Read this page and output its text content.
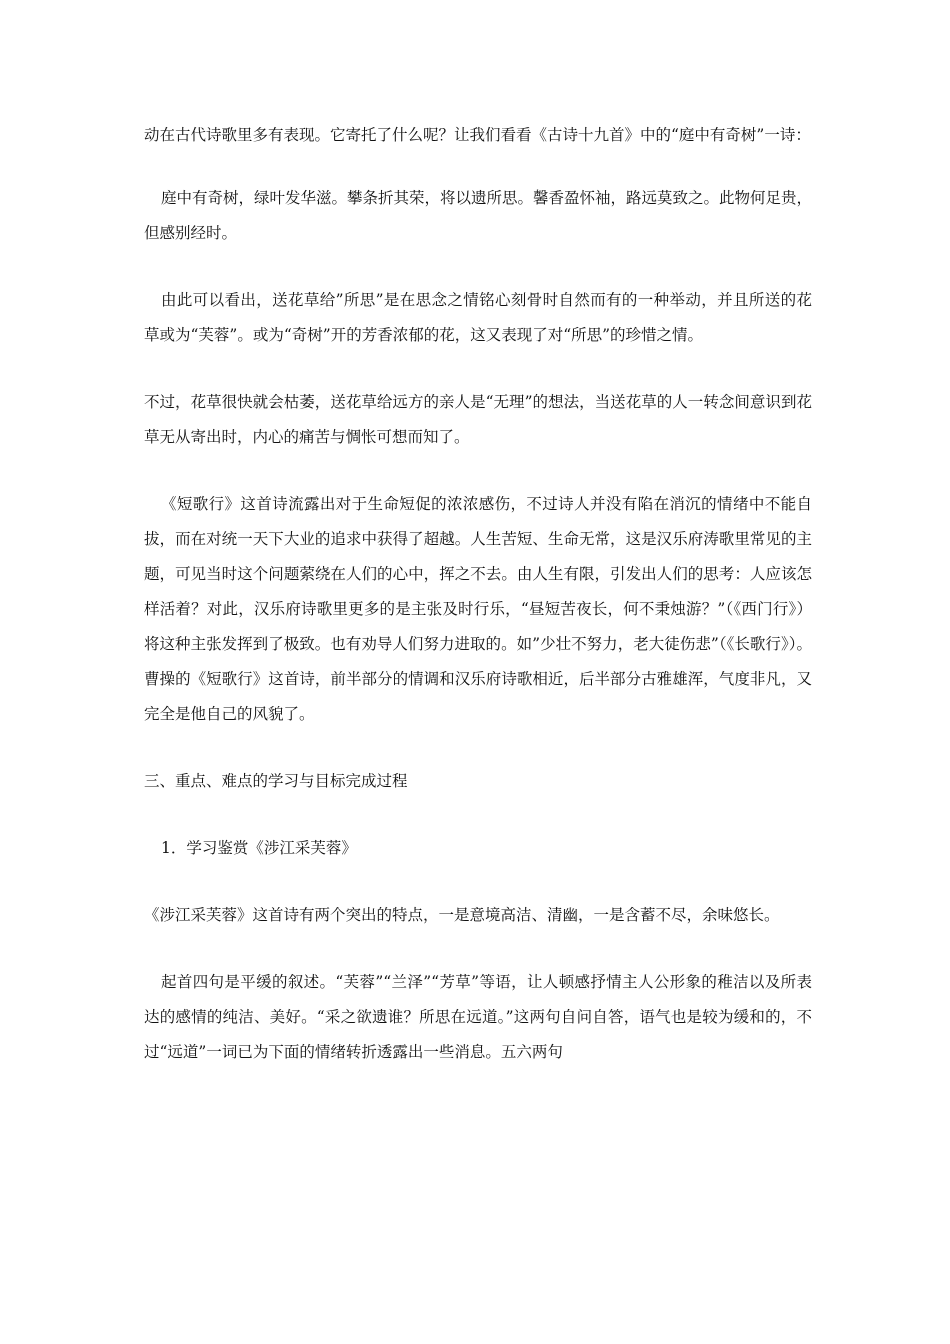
动在古代诗歌里多有表现。它寄托了什么呢？让我们看看《古诗十九首》中的“庭中有奇树”一诗：

庭中有奇树，绿叶发华滋。攀条折其荣，将以遗所思。馨香盈怀袖，路远莫致之。此物何足贵，但感别经时。

由此可以看出，送花草给”所思”是在思念之情铭心刻骨时自然而有的一种举动，并且所送的花草或为“芙蓉”。或为“奇树”开的芳香浓郁的花，这又表现了对“所思”的珍惜之情。

不过，花草很快就会枯萎，送花草给远方的亲人是“无理”的想法，当送花草的人一转念间意识到花草无从寄出时，内心的痛苦与惆怅可想而知了。

《短歌行》这首诗流露出对于生命短促的浓浓感伤，不过诗人并没有陷在消沉的情绪中不能自拔，而在对统一天下大业的追求中获得了超越。人生苦短、生命无常，这是汉乐府涛歌里常见的主题，可见当时这个问题萦绕在人们的心中，挥之不去。由人生有限，引发出人们的思考：人应该怎样活着？对此，汉乐府诗歌里更多的是主张及时行乐，“昼短苦夜长，何不秉烛游？”（《西门行》）将这种主张发挥到了极致。也有劝导人们努力进取的。如”少壮不努力，老大徒伤悲”（《长歌行》）。曹操的《短歌行》这首诗，前半部分的情调和汉乐府诗歌相近，后半部分古雅雄浑，气度非凡，又完全是他自己的风貌了。

三、重点、难点的学习与目标完成过程

1．学习鉴赏《涉江采芙蓉》

《涉江采芙蓉》这首诗有两个突出的特点，一是意境高洁、清幽，一是含蓄不尽，余味悠长。

起首四句是平缓的叙述。“芙蓉”“兰泽”“芳草”等语，让人顿感抒情主人公形象的稚洁以及所表达的感情的纯洁、美好。“采之欲遗谁？所思在远道。”这两句自问自答，语气也是较为缓和的，不过“远道”一词已为下面的情绪转折透露出一些消息。五六两句
